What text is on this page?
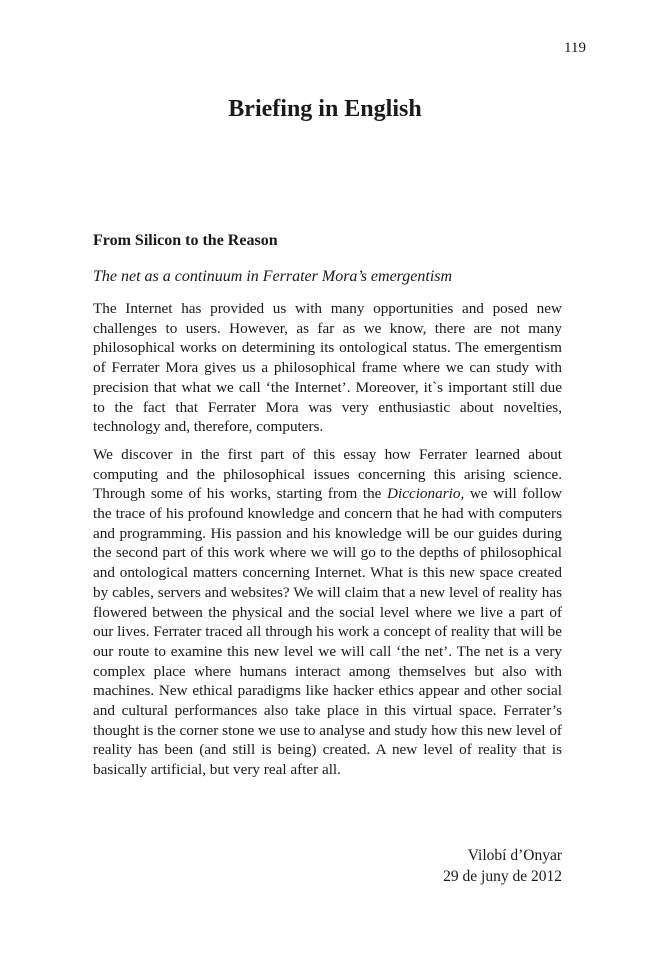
119
Briefing in English
From Silicon to the Reason
The net as a continuum in Ferrater Mora’s emergentism

The Internet has provided us with many opportunities and posed new challenges to users. However, as far as we know, there are not many philosophical works on determining its ontological status. The emergentism of Ferrater Mora gives us a philosophical frame where we can study with precision that what we call ‘the Internet’. Moreover, it`s important still due to the fact that Ferrater Mora was very enthusiastic about novelties, technology and, therefore, computers.

We discover in the first part of this essay how Ferrater learned about computing and the philosophical issues concerning this arising science. Through some of his works, starting from the Diccionario, we will follow the trace of his profound knowledge and concern that he had with computers and programming. His passion and his knowledge will be our guides during the second part of this work where we will go to the depths of philosophical and ontological matters concerning Internet. What is this new space created by cables, servers and websites? We will claim that a new level of reality has flowered between the physical and the social level where we live a part of our lives. Ferrater traced all through his work a concept of reality that will be our route to examine this new level we will call ‘the net’. The net is a very complex place where humans interact among themselves but also with machines. New ethical paradigms like hacker ethics appear and other social and cultural performances also take place in this virtual space. Ferrater’s thought is the corner stone we use to analyse and study how this new level of reality has been (and still is being) created. A new level of reality that is basically artificial, but very real after all.

Vilobí d’Onyar
29 de juny de 2012
